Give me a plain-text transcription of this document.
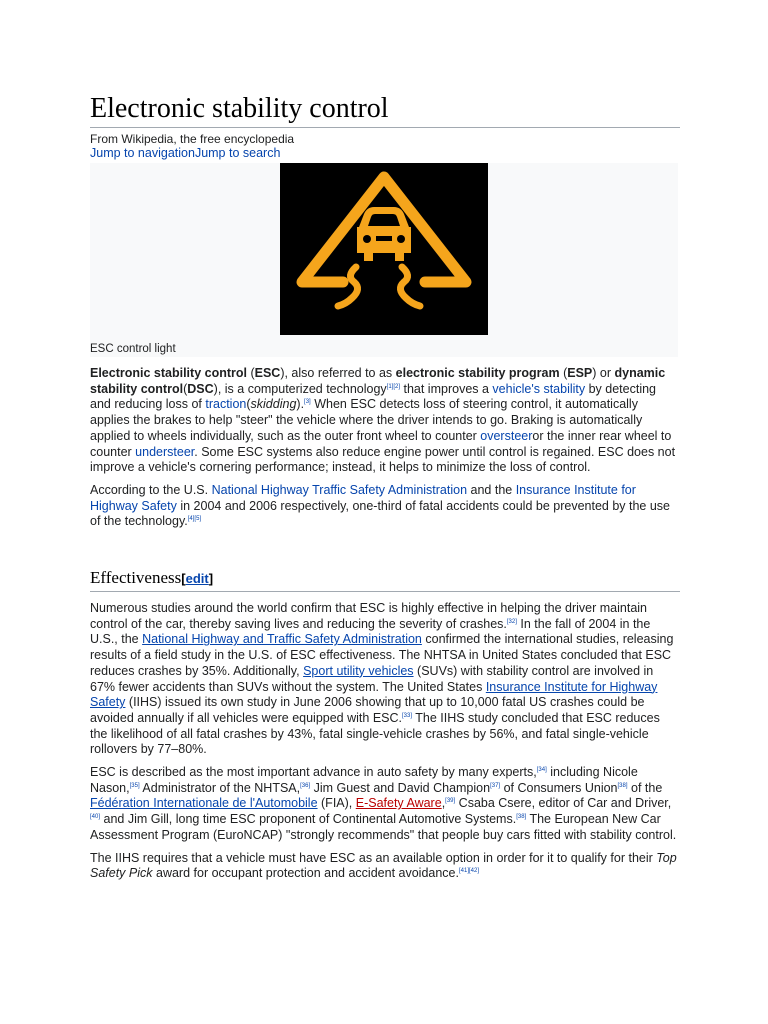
Electronic stability control
From Wikipedia, the free encyclopedia
Jump to navigationJump to search
ESC control light

Electronic stability control (ESC), also referred to as electronic stability program (ESP) or dynamic stability control(DSC), is a computerized technology[1][2] that improves a vehicle's stability by detecting and reducing loss of traction(skidding).[3] When ESC detects loss of steering control, it automatically applies the brakes to help "steer" the vehicle where the driver intends to go. Braking is automatically applied to wheels individually, such as the outer front wheel to counter oversteeror the inner rear wheel to counter understeer. Some ESC systems also reduce engine power until control is regained. ESC does not improve a vehicle's cornering performance; instead, it helps to minimize the loss of control.

According to the U.S. National Highway Traffic Safety Administration and the Insurance Institute for Highway Safety in 2004 and 2006 respectively, one-third of fatal accidents could be prevented by the use of the technology.[4][5]

Effectiveness[edit]

Numerous studies around the world confirm that ESC is highly effective in helping the driver maintain control of the car, thereby saving lives and reducing the severity of crashes.[32] In the fall of 2004 in the U.S., the National Highway and Traffic Safety Administration confirmed the international studies, releasing results of a field study in the U.S. of ESC effectiveness. The NHTSA in United States concluded that ESC reduces crashes by 35%. Additionally, Sport utility vehicles (SUVs) with stability control are involved in 67% fewer accidents than SUVs without the system. The United States Insurance Institute for Highway Safety (IIHS) issued its own study in June 2006 showing that up to 10,000 fatal US crashes could be avoided annually if all vehicles were equipped with ESC.[33] The IIHS study concluded that ESC reduces the likelihood of all fatal crashes by 43%, fatal single-vehicle crashes by 56%, and fatal single-vehicle rollovers by 77–80%.

ESC is described as the most important advance in auto safety by many experts,[34] including Nicole Nason,[35] Administrator of the NHTSA,[36] Jim Guest and David Champion[37] of Consumers Union[38] of the Fédération Internationale de l'Automobile (FIA), E-Safety Aware,[39] Csaba Csere, editor of Car and Driver,[40] and Jim Gill, long time ESC proponent of Continental Automotive Systems.[38] The European New Car Assessment Program (EuroNCAP) "strongly recommends" that people buy cars fitted with stability control.

The IIHS requires that a vehicle must have ESC as an available option in order for it to qualify for their Top Safety Pick award for occupant protection and accident avoidance.[41][42]
